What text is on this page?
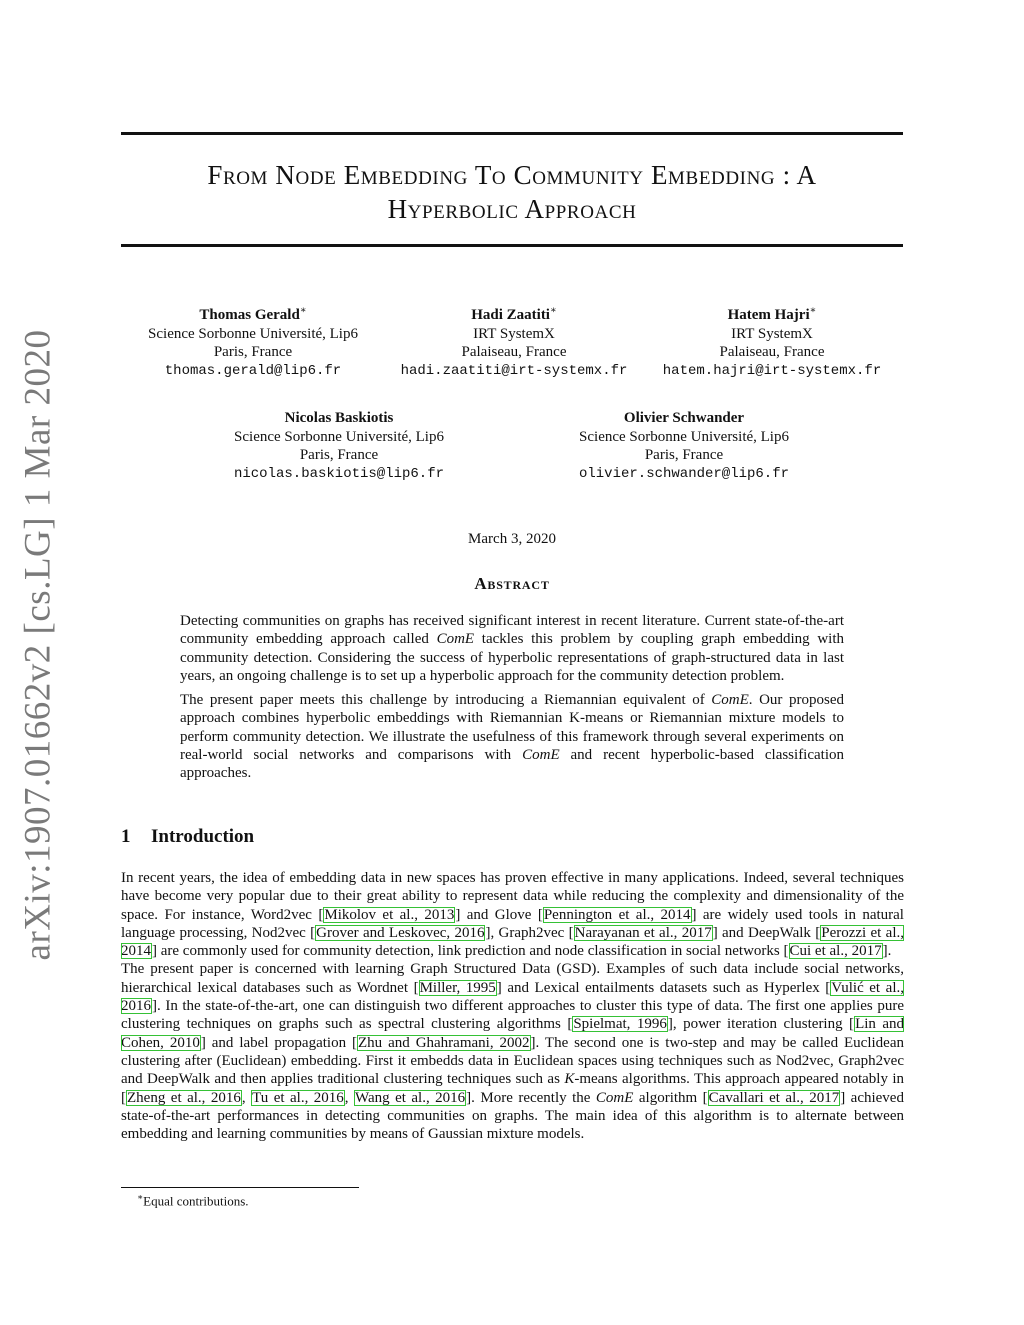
arXiv:1907.01662v2 [cs.LG] 1 Mar 2020
From Node Embedding To Community Embedding : A
Hyperbolic Approach
Thomas Gerald∗
Science Sorbonne Université, Lip6
Paris, France
thomas.gerald@lip6.fr
Hadi Zaatiti∗
IRT SystemX
Palaiseau, France
hadi.zaatiti@irt-systemx.fr
Hatem Hajri∗
IRT SystemX
Palaiseau, France
hatem.hajri@irt-systemx.fr
Nicolas Baskiotis
Science Sorbonne Université, Lip6
Paris, France
nicolas.baskiotis@lip6.fr
Olivier Schwander
Science Sorbonne Université, Lip6
Paris, France
olivier.schwander@lip6.fr
March 3, 2020
Abstract

Detecting communities on graphs has received significant interest in recent literature. Current state-of-the-art community embedding approach called ComE tackles this problem by coupling graph embedding with community detection. Considering the success of hyperbolic representations of graph-structured data in last years, an ongoing challenge is to set up a hyperbolic approach for the community detection problem.

The present paper meets this challenge by introducing a Riemannian equivalent of ComE. Our proposed approach combines hyperbolic embeddings with Riemannian K-means or Riemannian mixture models to perform community detection. We illustrate the usefulness of this framework through several experiments on real-world social networks and comparisons with ComE and recent hyperbolic-based classification approaches.

1 Introduction

In recent years, the idea of embedding data in new spaces has proven effective in many applications. Indeed, several techniques have become very popular due to their great ability to represent data while reducing the complexity and dimensionality of the space. For instance, Word2vec [Mikolov et al., 2013] and Glove [Pennington et al., 2014] are widely used tools in natural language processing, Nod2vec [Grover and Leskovec, 2016], Graph2vec [Narayanan et al., 2017] and DeepWalk [Perozzi et al., 2014] are commonly used for community detection, link prediction and node classification in social networks [Cui et al., 2017].

The present paper is concerned with learning Graph Structured Data (GSD). Examples of such data include social networks, hierarchical lexical databases such as Wordnet [Miller, 1995] and Lexical entailments datasets such as Hyperlex [Vulić et al., 2016]. In the state-of-the-art, one can distinguish two different approaches to cluster this type of data. The first one applies pure clustering techniques on graphs such as spectral clustering algorithms [Spielmat, 1996], power iteration clustering [Lin and Cohen, 2010] and label propagation [Zhu and Ghahramani, 2002]. The second one is two-step and may be called Euclidean clustering after (Euclidean) embedding. First it embedds data in Euclidean spaces using techniques such as Nod2vec, Graph2vec and DeepWalk and then applies traditional clustering techniques such as K-means algorithms. This approach appeared notably in [Zheng et al., 2016, Tu et al., 2016, Wang et al., 2016]. More recently the ComE algorithm [Cavallari et al., 2017] achieved state-of-the-art performances in detecting communities on graphs. The main idea of this algorithm is to alternate between embedding and learning communities by means of Gaussian mixture models.

∗Equal contributions.
